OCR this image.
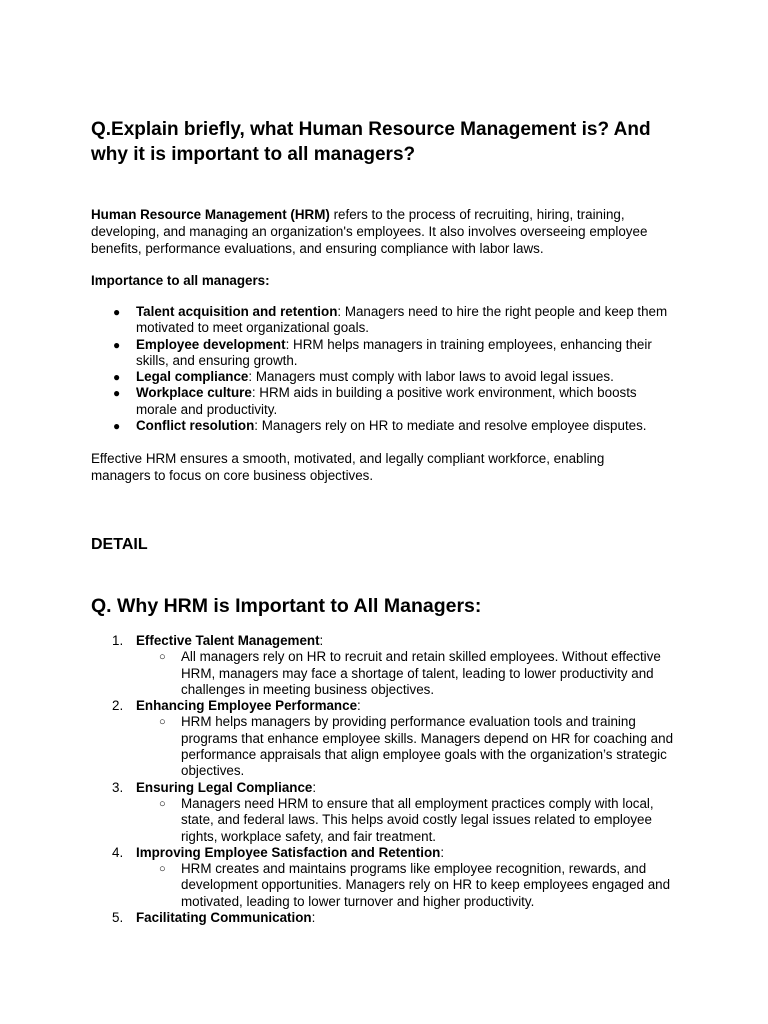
Q.Explain briefly, what Human Resource Management is? And why it is important to all managers?

Human Resource Management (HRM) refers to the process of recruiting, hiring, training, developing, and managing an organization's employees. It also involves overseeing employee benefits, performance evaluations, and ensuring compliance with labor laws.

Importance to all managers:

● Talent acquisition and retention: Managers need to hire the right people and keep them motivated to meet organizational goals.
● Employee development: HRM helps managers in training employees, enhancing their skills, and ensuring growth.
● Legal compliance: Managers must comply with labor laws to avoid legal issues.
● Workplace culture: HRM aids in building a positive work environment, which boosts morale and productivity.
● Conflict resolution: Managers rely on HR to mediate and resolve employee disputes.

Effective HRM ensures a smooth, motivated, and legally compliant workforce, enabling managers to focus on core business objectives.

DETAIL
Q. Why HRM is Important to All Managers:
1. Effective Talent Management:
○ All managers rely on HR to recruit and retain skilled employees. Without effective HRM, managers may face a shortage of talent, leading to lower productivity and challenges in meeting business objectives.
2. Enhancing Employee Performance:
○ HRM helps managers by providing performance evaluation tools and training programs that enhance employee skills. Managers depend on HR for coaching and performance appraisals that align employee goals with the organization’s strategic objectives.
3. Ensuring Legal Compliance:
○ Managers need HRM to ensure that all employment practices comply with local, state, and federal laws. This helps avoid costly legal issues related to employee rights, workplace safety, and fair treatment.
4. Improving Employee Satisfaction and Retention:
○ HRM creates and maintains programs like employee recognition, rewards, and development opportunities. Managers rely on HR to keep employees engaged and motivated, leading to lower turnover and higher productivity.
5. Facilitating Communication:
